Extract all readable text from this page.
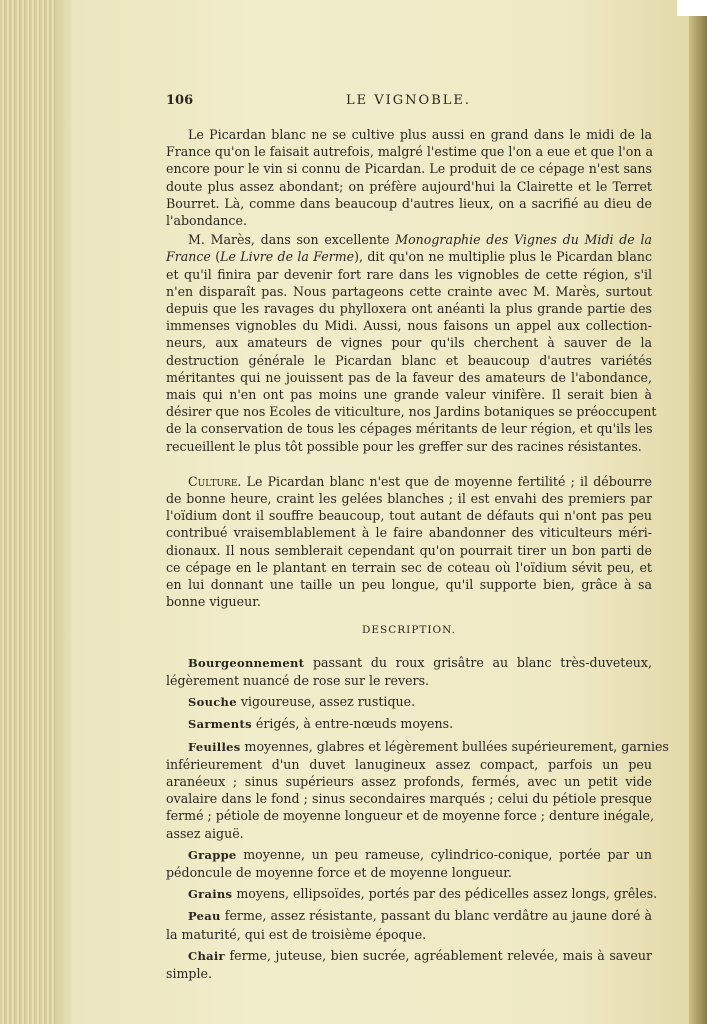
106	LE VIGNOBLE.
Le Picardan blanc ne se cultive plus aussi en grand dans le midi de la
France qu'on le faisait autrefois, malgré l'estime que l'on a eue et que l'on a
encore pour le vin si connu de Picardan. Le produit de ce cépage n'est sans
doute plus assez abondant; on préfère aujourd'hui la Clairette et le Terret
Bourret. Là, comme dans beaucoup d'autres lieux, on a sacrifié au dieu de
l'abondance.
M. Marès, dans son excellente Monographie des Vignes du Midi de la
France (Le Livre de la Ferme), dit qu'on ne multiplie plus le Picardan blanc
et qu'il finira par devenir fort rare dans les vignobles de cette région, s'il
n'en disparaît pas. Nous partageons cette crainte avec M. Marès, surtout
depuis que les ravages du phylloxera ont anéanti la plus grande partie des
immenses vignobles du Midi. Aussi, nous faisons un appel aux collection-
neurs, aux amateurs de vignes pour qu'ils cherchent à sauver de la
destruction générale le Picardan blanc et beaucoup d'autres variétés
méritantes qui ne jouissent pas de la faveur des amateurs de l'abondance,
mais qui n'en ont pas moins une grande valeur vinifère. Il serait bien à
désirer que nos Ecoles de viticulture, nos Jardins botaniques se préoccupent
de la conservation de tous les cépages méritants de leur région, et qu'ils les
recueillent le plus tôt possible pour les greffer sur des racines résistantes.
Culture. Le Picardan blanc n'est que de moyenne fertilité ; il débourre
de bonne heure, craint les gelées blanches ; il est envahi des premiers par
l'oïdium dont il souffre beaucoup, tout autant de défauts qui n'ont pas peu
contribué vraisemblablement à le faire abandonner des viticulteurs méri-
dionaux. Il nous semblerait cependant qu'on pourrait tirer un bon parti de
ce cépage en le plantant en terrain sec de coteau où l'oïdium sévit peu, et
en lui donnant une taille un peu longue, qu'il supporte bien, grâce à sa
bonne vigueur.
DESCRIPTION.
Bourgeonnement passant du roux grisâtre au blanc très-duveteux,
légèrement nuancé de rose sur le revers.
Souche vigoureuse, assez rustique.
Sarments érigés, à entre-nœuds moyens.
Feuilles moyennes, glabres et légèrement bullées supérieurement, garnies
inférieurement d'un duvet lanugineux assez compact, parfois un peu
aranéeux ; sinus supérieurs assez profonds, fermés, avec un petit vide
ovalaire dans le fond ; sinus secondaires marqués ; celui du pétiole presque
fermé ; pétiole de moyenne longueur et de moyenne force ; denture inégale,
assez aiguë.
Grappe moyenne, un peu rameuse, cylindrico-conique, portée par un
pédoncule de moyenne force et de moyenne longueur.
Grains moyens, ellipsoïdes, portés par des pédicelles assez longs, grêles.
Peau ferme, assez résistante, passant du blanc verdâtre au jaune doré à
la maturité, qui est de troisième époque.
Chair ferme, juteuse, bien sucrée, agréablement relevée, mais à saveur
simple.
